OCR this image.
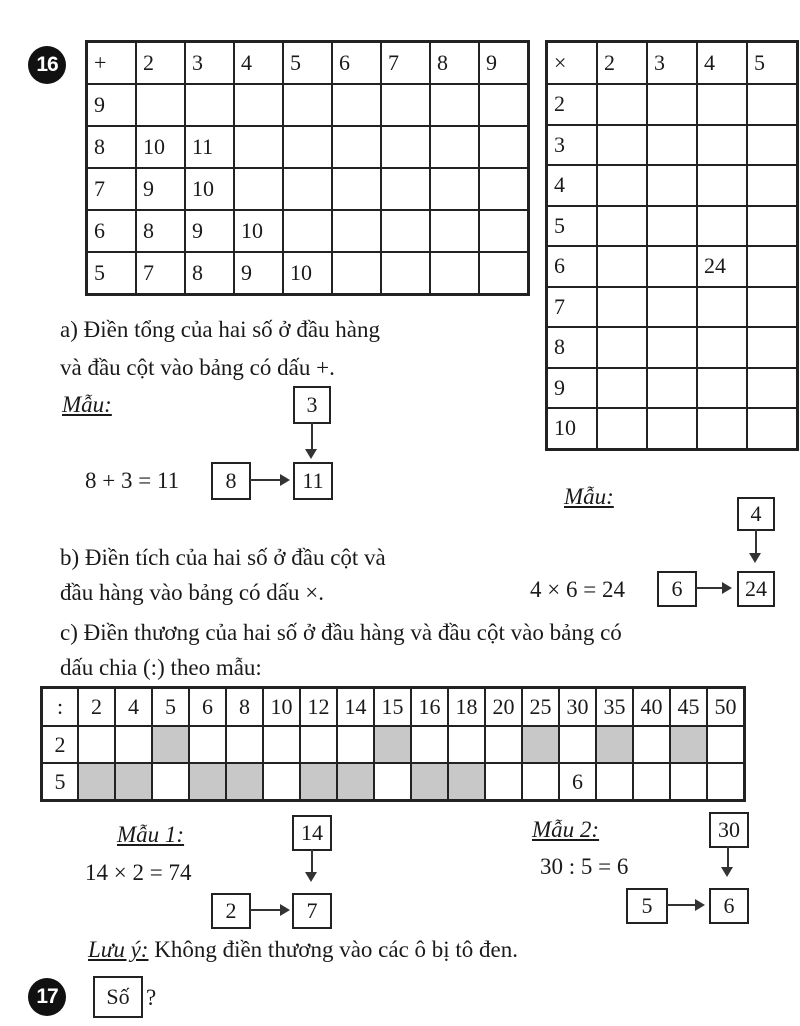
16	+	2	3	4	5	6	7	8	9
9								
8	10	11						
7	9	10						
6	8	9	10					
5	7	8	9	10				
×	2	3	4	5
2				
3				
4				
5				
6			24	
7				
8				
9				
10				
a) Điền tổng của hai số ở đầu hàng
và đầu cột vào bảng có dấu +.
Mẫu:	3
8 + 3 = 11	8	11
Mẫu:
4
b) Điền tích của hai số ở đầu cột và
đầu hàng vào bảng có dấu ×.	4 × 6 = 24	6	24
c) Điền thương của hai số ở đầu hàng và đầu cột vào bảng có
dấu chia (:) theo mẫu:
:	2	4	5	6	8	10	12	14	15	16	18	20	25	30	35	40	45	50
2																		
5														6				
Mẫu 1:	14
14 × 2 = 74
2	7
Mẫu 2:	30
30 : 5 = 6
5	6
Lưu ý: Không điền thương vào các ô bị tô đen.
17	Số ?
